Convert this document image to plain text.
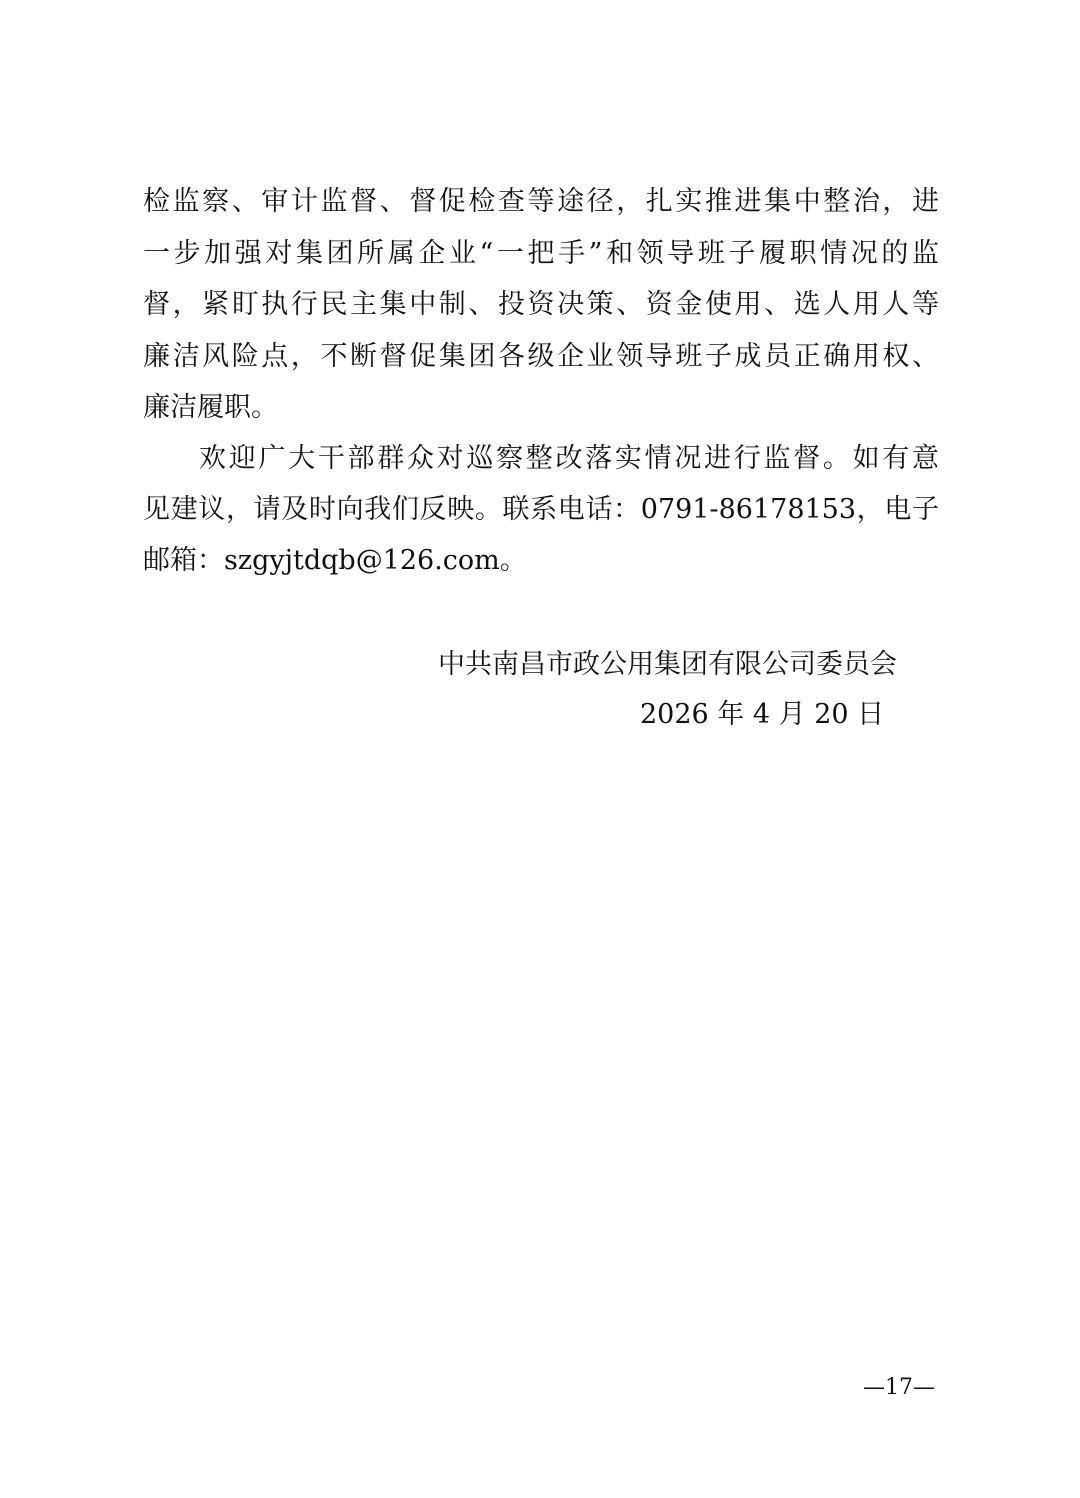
检监察、审计监督、督促检查等途径，扎实推进集中整治，进
一步加强对集团所属企业“一把手”和领导班子履职情况的监
督，紧盯执行民主集中制、投资决策、资金使用、选人用人等
廉洁风险点，不断督促集团各级企业领导班子成员正确用权、
廉洁履职。
欢迎广大干部群众对巡察整改落实情况进行监督。如有意
见建议，请及时向我们反映。联系电话：0791-86178153，电子
邮箱：szgyjtdqb@126.com。
中共南昌市政公用集团有限公司委员会
2026 年 4 月 20 日
—17—
